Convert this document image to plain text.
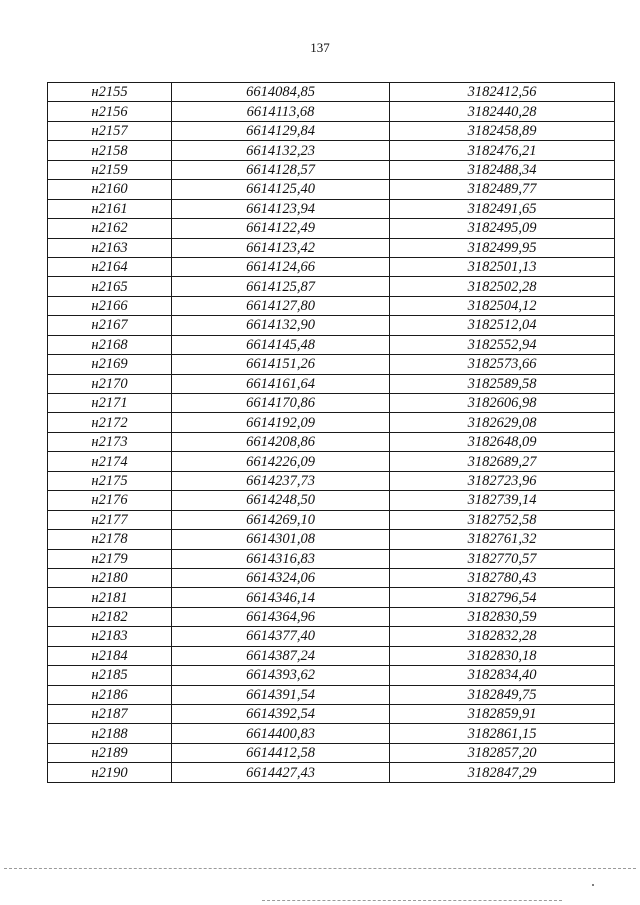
137
н2155	6614084,85	3182412,56
н2156	6614113,68	3182440,28
н2157	6614129,84	3182458,89
н2158	6614132,23	3182476,21
н2159	6614128,57	3182488,34
н2160	6614125,40	3182489,77
н2161	6614123,94	3182491,65
н2162	6614122,49	3182495,09
н2163	6614123,42	3182499,95
н2164	6614124,66	3182501,13
н2165	6614125,87	3182502,28
н2166	6614127,80	3182504,12
н2167	6614132,90	3182512,04
н2168	6614145,48	3182552,94
н2169	6614151,26	3182573,66
н2170	6614161,64	3182589,58
н2171	6614170,86	3182606,98
н2172	6614192,09	3182629,08
н2173	6614208,86	3182648,09
н2174	6614226,09	3182689,27
н2175	6614237,73	3182723,96
н2176	6614248,50	3182739,14
н2177	6614269,10	3182752,58
н2178	6614301,08	3182761,32
н2179	6614316,83	3182770,57
н2180	6614324,06	3182780,43
н2181	6614346,14	3182796,54
н2182	6614364,96	3182830,59
н2183	6614377,40	3182832,28
н2184	6614387,24	3182830,18
н2185	6614393,62	3182834,40
н2186	6614391,54	3182849,75
н2187	6614392,54	3182859,91
н2188	6614400,83	3182861,15
н2189	6614412,58	3182857,20
н2190	6614427,43	3182847,29
